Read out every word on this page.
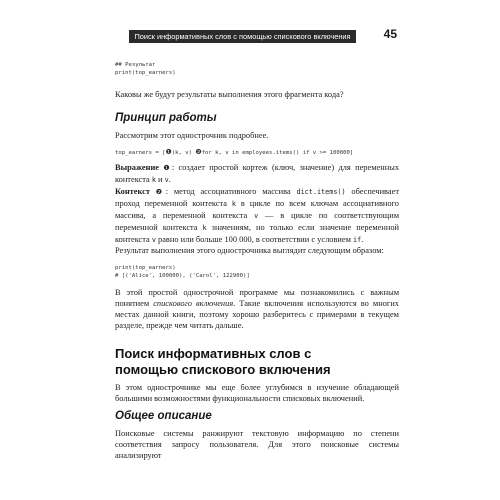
Поиск информативных слов с помощью спискового включения	45
## Результат
print(top_earners)

Каковы же будут результаты выполнения этого фрагмента кода?

Принцип работы

Рассмотрим этот однострочник подробнее.

top_earners = [❶(k, v) ❷for k, v in employees.items() if v >= 100000]

Выражение ❶: создает простой кортеж (ключ, значение) для переменных контекста k и v.

Контекст ❷: метод ассоциативного массива dict.items() обеспечивает проход переменной контекста k в цикле по всем ключам ассоциативного массива, а переменной контекста v — в цикле по соответствующим переменной контекста k значениям, но только если значение переменной контекста v равно или больше 100 000, в соответствии с условием if.

Результат выполнения этого однострочника выглядит следующим образом:

print(top_earners)
# [('Alice', 100000), ('Carol', 122900)]

В этой простой однострочной программе мы познакомились с важным понятием спискового включения. Такие включения используются во многих местах данной книги, поэтому хорошо разберитесь с примерами в текущем разделе, прежде чем читать дальше.

Поиск информативных слов с помощью спискового включения

В этом однострочнике мы еще более углубимся в изучение обладающей большими возможностями функциональности списковых включений.

Общее описание

Поисковые системы ранжируют текстовую информацию по степени соответствия запросу пользователя. Для этого поисковые системы анализируют
